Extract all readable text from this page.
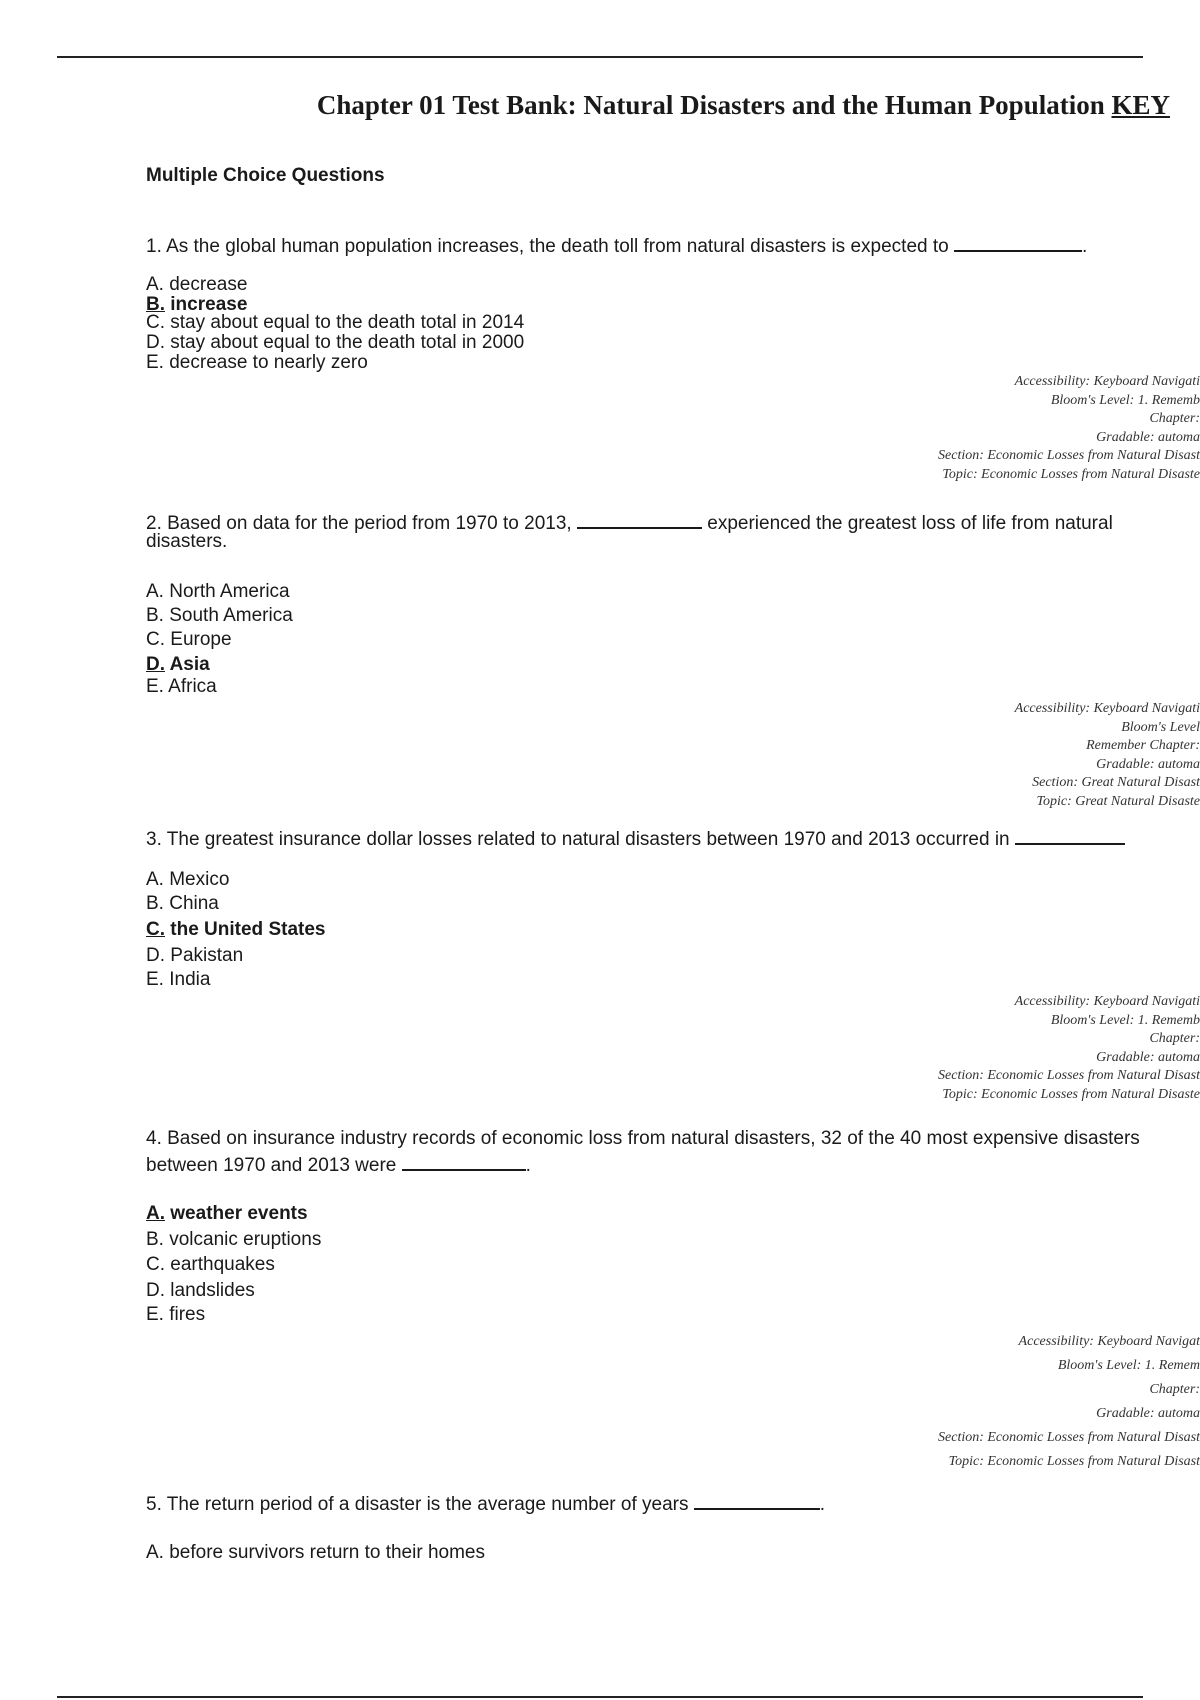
Chapter 01 Test Bank: Natural Disasters and the Human Population KEY
Multiple Choice Questions

1. As the global human population increases, the death toll from natural disasters is expected to	.

A. decrease

B. increase

C. stay about equal to the death total in 2014

D. stay about equal to the death total in 2000

E. decrease to nearly zero

Accessibility: Keyboard Navigati
Bloom's Level: 1. Rememb
Chapter:
Gradable: automa
Section: Economic Losses from Natural Disast
Topic: Economic Losses from Natural Disaste

2. Based on data for the period from 1970 to 2013,	experienced the greatest loss of life from natural disasters.

A. North America

B. South America

C. Europe

D. Asia

E. Africa

Accessibility: Keyboard Navigati
Bloom's Level
Remember Chapter:
Gradable: automa
Section: Great Natural Disast
Topic: Great Natural Disaste

3. The greatest insurance dollar losses related to natural disasters between 1970 and 2013 occurred in

A. Mexico

B. China

C. the United States

D. Pakistan

E. India

Accessibility: Keyboard Navigati
Bloom's Level: 1. Rememb
Chapter:
Gradable: automa
Section: Economic Losses from Natural Disast
Topic: Economic Losses from Natural Disaste

4. Based on insurance industry records of economic loss from natural disasters, 32 of the 40 most expensive disasters between 1970 and 2013 were	.

A. weather events

B. volcanic eruptions

C. earthquakes

D. landslides

E. fires

Accessibility: Keyboard Navigat
Bloom's Level: 1. Remem
Chapter:
Gradable: automa
Section: Economic Losses from Natural Disast
Topic: Economic Losses from Natural Disast

5. The return period of a disaster is the average number of years	.

A. before survivors return to their homes
